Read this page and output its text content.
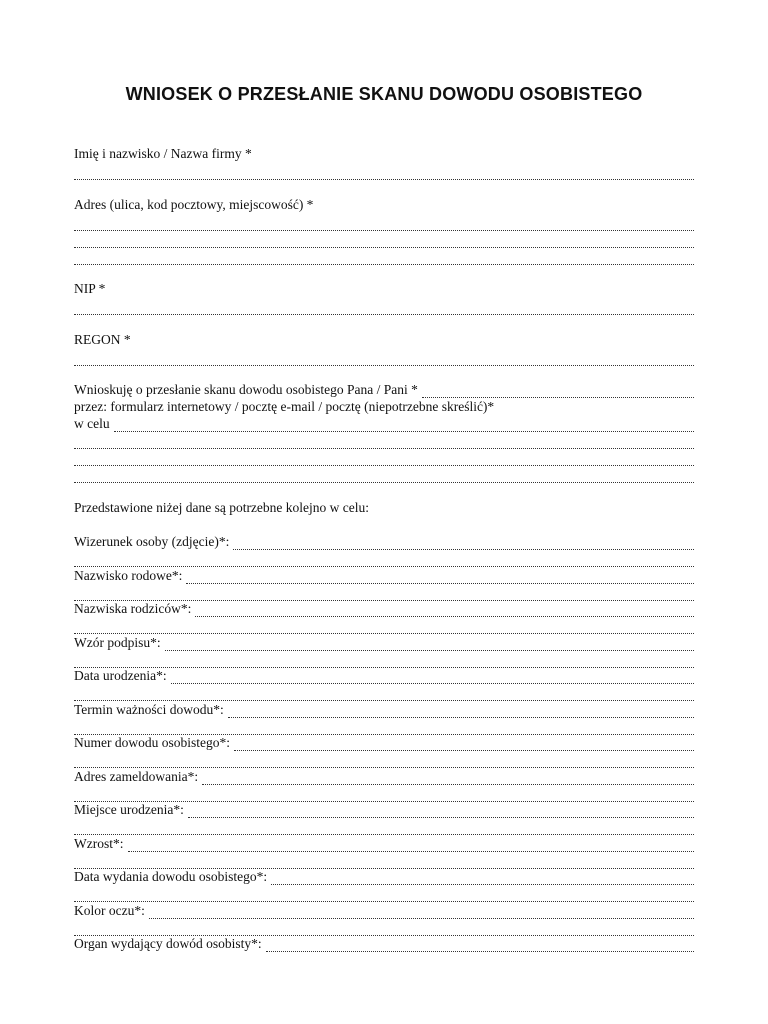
WNIOSEK O PRZESŁANIE SKANU DOWODU OSOBISTEGO
Imię i nazwisko / Nazwa firmy *
Adres (ulica, kod pocztowy, miejscowość) *
NIP *
REGON *
Wnioskuję o przesłanie skanu dowodu osobistego Pana / Pani *
przez: formularz internetowy / pocztę e-mail / pocztę (niepotrzebne skreślić)*
w celu
Przedstawione niżej dane są potrzebne kolejno w celu:
Wizerunek osoby (zdjęcie)*:
Nazwisko rodowe*:
Nazwiska rodziców*:
Wzór podpisu*:
Data urodzenia*:
Termin ważności dowodu*:
Numer dowodu osobistego*:
Adres zameldowania*:
Miejsce urodzenia*:
Wzrost*:
Data wydania dowodu osobistego*:
Kolor oczu*:
Organ wydający dowód osobisty*:
